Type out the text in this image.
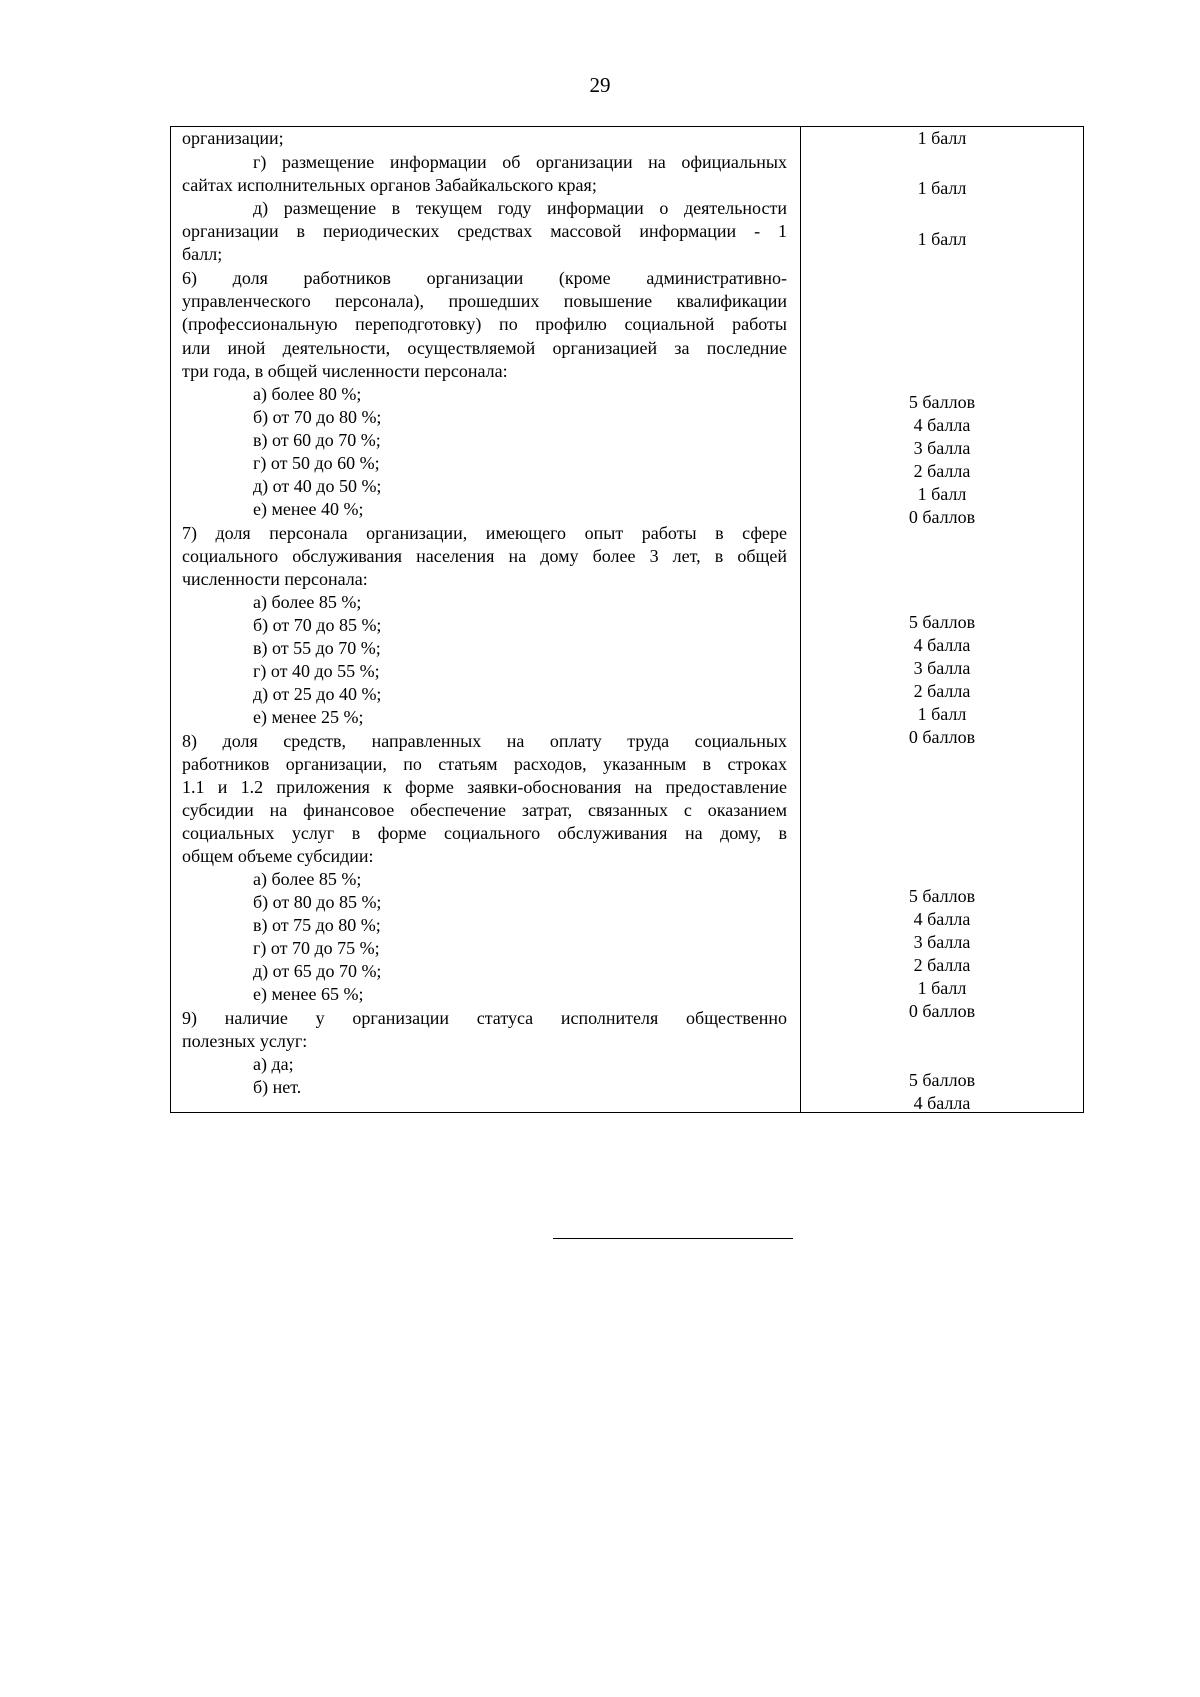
29
организации;
г) размещение информации об организации на официальных
сайтах исполнительных органов Забайкальского края;
д) размещение в текущем году информации о деятельности
организации в периодических средствах массовой информации - 1
балл;
6) доля работников организации (кроме административно-
управленческого персонала), прошедших повышение квалификации
(профессиональную переподготовку) по профилю социальной работы
или иной деятельности, осуществляемой организацией за последние
три года, в общей численности персонала:
а) более 80 %;
б) от 70 до 80 %;
в) от 60 до 70 %;
г) от 50 до 60 %;
д) от 40 до 50 %;
е) менее 40 %;
7) доля персонала организации, имеющего опыт работы в сфере
социального обслуживания населения на дому более 3 лет, в общей
численности персонала:
а) более 85 %;
б) от 70 до 85 %;
в) от 55 до 70 %;
г) от 40 до 55 %;
д) от 25 до 40 %;
е) менее 25 %;
8) доля средств, направленных на оплату труда социальных
работников организации, по статьям расходов, указанным в строках
1.1 и 1.2 приложения к форме заявки-обоснования на предоставление
субсидии на финансовое обеспечение затрат, связанных с оказанием
социальных услуг в форме социального обслуживания на дому, в
общем объеме субсидии:
а) более 85 %;
б) от 80 до 85 %;
в) от 75 до 80 %;
г) от 70 до 75 %;
д) от 65 до 70 %;
е) менее 65 %;
9) наличие у организации статуса исполнителя общественно
полезных услуг:
а) да;
б) нет.
1 балл
1 балл
1 балл
5 баллов
4 балла
3 балла
2 балла
1 балл
0 баллов
5 баллов
4 балла
3 балла
2 балла
1 балл
0 баллов
5 баллов
4 балла
3 балла
2 балла
1 балл
0 баллов
5 баллов
4 балла
